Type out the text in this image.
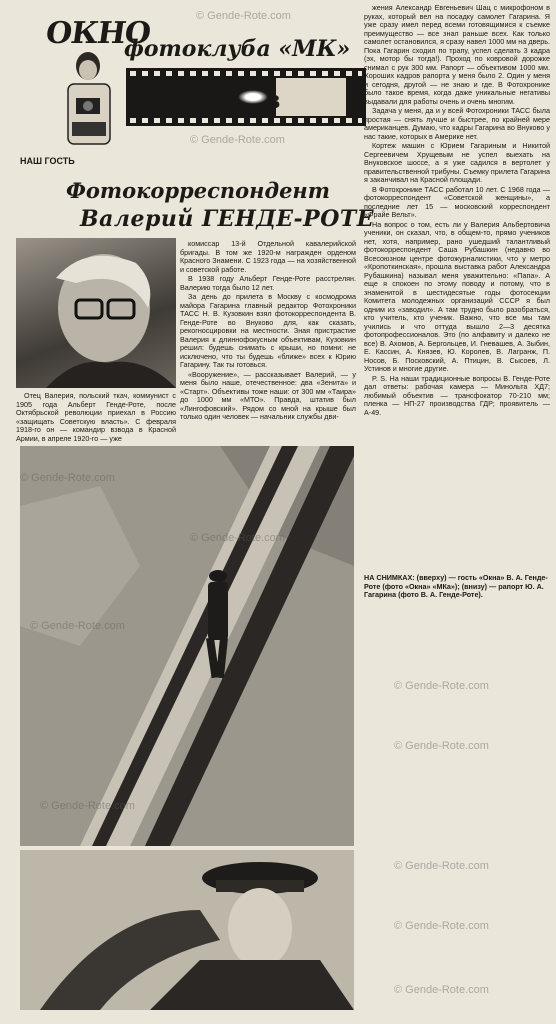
ОКНО
фотоклуба «МК»
3
НАШ ГОСТЬ
Фотокорреспондент
Валерий ГЕНДЕ-РОТЕ

Отец Валерия, польский ткач, коммунист с 1905 года Альберт Генде-Роте, после Октябрьской революции приехал в Россию «защищать Советскую власть». С февраля 1918-го он — командир взвода в Красной Армии, в апреле 1920-го — уже

комиссар 13-й Отдельной кавалерийской бригады. В том же 1920-м награжден орденом Красного Знамени. С 1923 года — на хозяйственной и советской работе.

В 1938 году Альберт Генде-Роте расстрелян. Валерию тогда было 12 лет.

За день до прилета в Москву с космодрома майора Гагарина главный редактор Фотохроники ТАСС Н. В. Кузовкин взял фотокорреспондента В. Генде-Роте во Внуково для, как сказать, рекогносцировки на местности. Зная пристрастие Валерия к длиннофокусным объективам, Кузовкин решил: будешь снимать с крыши, но помни: не исключено, что ты будешь «ближе» всех к Юрию Гагарину. Так ты готовься.

«Вооружение», — рассказывает Валерий, — у меня было наше, отечественное: два «Зенита» и «Старт». Объективы тоже наши: от 300 мм «Таира» до 1000 мм «МТО». Правда, штатив был «Лингофовский». Рядом со мной на крыше был только один человек — начальник службы дви-

жения Александр Евгеньевич Шац с микрофоном в руках, который вел на посадку самолет Гагарина. Я уже сразу имел перед всеми готовящимися к съемке преимущество — все знал раньше всех. Как только самолет остановился, я сразу навел 1000 мм на дверь. Пока Гагарин сходил по трапу, успел сделать 3 кадра (эх, мотор бы тогда!). Проход по ковровой дорожке снимал с рук 300 мм. Рапорт — объективом 1000 мм. Хороших кадров рапорта у меня было 2. Один у меня и сегодня, другой — не знаю и где. В Фотохронике было такое время, когда даже уникальные негативы выдавали для работы очень и очень многим.

Задача у меня, да и у всей Фотохроники ТАСС была простая — снять лучше и быстрее, по крайней мере американцев. Думаю, что кадры Гагарина во Внуково у нас такие, которых в Америке нет.

Кортеж машин с Юрием Гагариным и Никитой Сергеевичем Хрущевым не успел выехать на Внуковское шоссе, а я уже садился в вертолет у правительственной трибуны. Съемку прилета Гагарина я заканчивал на Красной площади.

В Фотохронике ТАСС работал 10 лет. С 1968 года — фотокорреспондент «Советской женщины», а последние лет 15 — московский корреспондент «Фрайе Вельт».

На вопрос о том, есть ли у Валерия Альбертовича ученики, он сказал, что, в общем-то, прямо учеников нет, хотя, например, рано ушедший талантливый фотокорреспондент Саша Рубашкин (недавно во Всесоюзном центре фотожурналистики, что у метро «Кропоткинская», прошла выставка работ Александра Рубашкина) называл меня уважительно: «Папа». А еще я спокоен по этому поводу и потому, что в знаменитой в шестидесятые годы фотосекции Комитета молодежных организаций СССР я был одним из «заводил». А там трудно было разобраться, кто учитель, кто ученик. Важно, что все мы там учились и что оттуда вышло 2—3 десятка фотопрофессионалов. Это (по алфавиту и далеко не все) В. Ахомов, А. Бергольцев, И. Гневашев, А. Зыбин, Е. Кассин, А. Князев, Ю. Королев, В. Лагранж, П. Носов, Б. Посковский, А. Птицин, В. Сысоев, Л. Устинов и многие другие.

P. S. На наши традиционные вопросы В. Генде-Роте дал ответы: рабочая камера — Минольта ХД7; любимый объектив — трансфокатор 70-210 мм; пленка — НП-27 производства ГДР; проявитель — А-49.

НА СНИМКАХ: (вверху) — гость «Окна» В. А. Генде-Роте (фото «Окна» «МКа»); (внизу) — рапорт Ю. А. Гагарина (фото В. А. Генде-Роте).
© Gende-Rote.com
© Gende-Rote.com
© Gende-Rote.com
© Gende-Rote.com
© Gende-Rote.com
© Gende-Rote.com
© Gende-Rote.com
© Gende-Rote.com
© Gende-Rote.com
© Gende-Rote.com
© Gende-Rote.com
